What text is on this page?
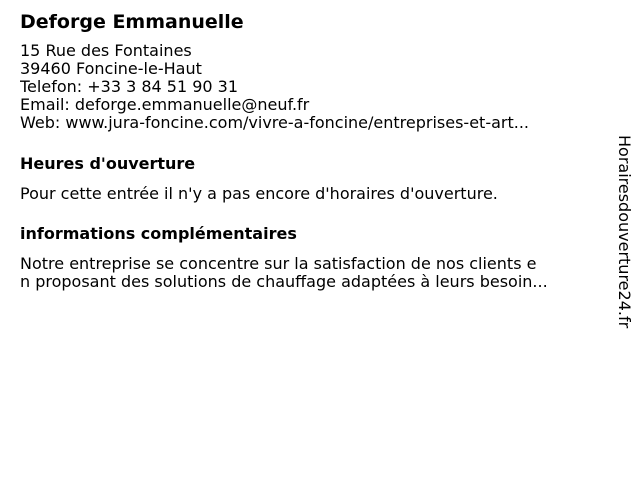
Deforge Emmanuelle
15 Rue des Fontaines
39460 Foncine-le-Haut
Telefon: +33 3 84 51 90 31
Email: deforge.emmanuelle@neuf.fr
Web: www.jura-foncine.com/vivre-a-foncine/entreprises-et-art...
Heures d'ouverture
Pour cette entrée il n'y a pas encore d'horaires d'ouverture.
informations complémentaires
Notre entreprise se concentre sur la satisfaction de nos clients e
n proposant des solutions de chauffage adaptées à leurs besoin...	Horairesdouverture24.fr
